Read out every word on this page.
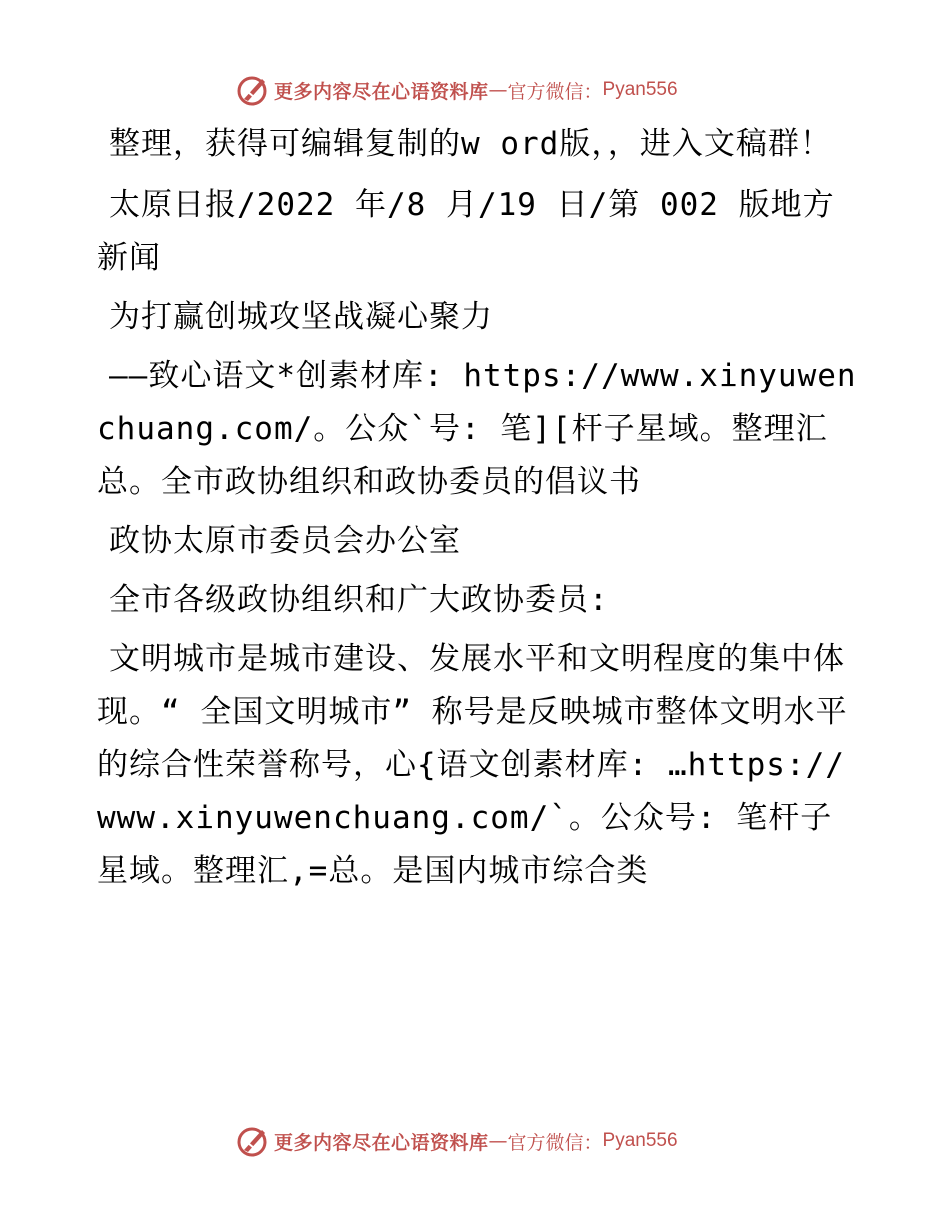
更多内容尽在心语资料库 — 官方微信： Pyan556

整理，获得可编辑复制的w ord版，，进入文稿群！

太原日报/2022 年/8 月/19 日/第 002 版地方新闻

为打赢创城攻坚战凝心聚力

——致心语文*创素材库: https://www.xinyuwenchuang.com/。公众`号: 笔][杆子星域。整理汇总。全市政协组织和政协委员的倡议书

政协太原市委员会办公室

全市各级政协组织和广大政协委员:

文明城市是城市建设、发展水平和文明程度的集中体现。“ 全国文明城市” 称号是反映城市整体文明水平的综合性荣誉称号，心{语文创素材库: …https://www.xinyuwenchuang.com/`。公众号: 笔杆子星域。整理汇,=总。是国内城市综合类

更多内容尽在心语资料库 — 官方微信： Pyan556
